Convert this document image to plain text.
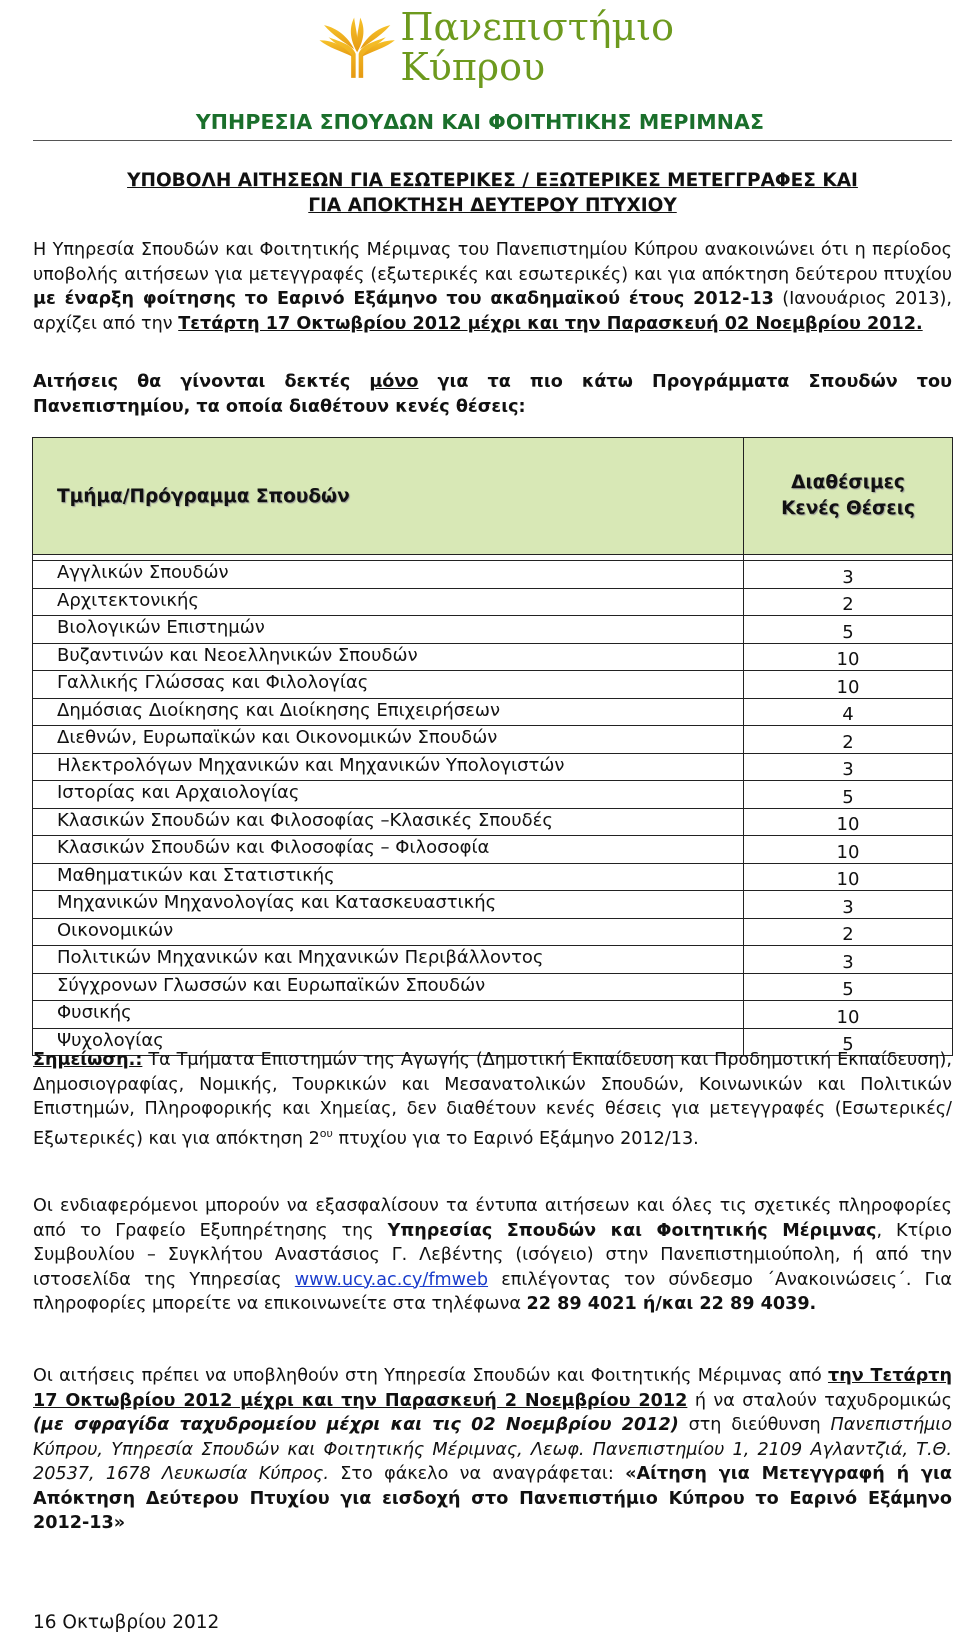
Πανεπιστήμιο
Κύπρου
ΥΠΗΡΕΣΙΑ ΣΠΟΥΔΩΝ ΚΑΙ ΦΟΙΤΗΤΙΚΗΣ ΜΕΡΙΜΝΑΣ
ΥΠΟΒΟΛΗ ΑΙΤΗΣΕΩΝ ΓΙΑ ΕΣΩΤΕΡΙΚΕΣ / ΕΞΩΤΕΡΙΚΕΣ ΜΕΤΕΓΓΡΑΦΕΣ ΚΑΙ
ΓΙΑ ΑΠΟΚΤΗΣΗ ΔΕΥΤΕΡΟΥ ΠΤΥΧΙΟΥ

Η Υπηρεσία Σπουδών και Φοιτητικής Μέριμνας του Πανεπιστημίου Κύπρου ανακοινώνει ότι η περίοδος υποβολής αιτήσεων για μετεγγραφές (εξωτερικές και εσωτερικές) και για απόκτηση δεύτερου πτυχίου με έναρξη φοίτησης το Εαρινό Εξάμηνο του ακαδημαϊκού έτους 2012-13 (Ιανουάριος 2013), αρχίζει από την Τετάρτη 17 Οκτωβρίου 2012 μέχρι και την Παρασκευή 02 Νοεμβρίου 2012.

Αιτήσεις θα γίνονται δεκτές μόνο για τα πιο κάτω Προγράμματα Σπουδών του Πανεπιστημίου, τα οποία διαθέτουν κενές θέσεις:

Τμήμα/Πρόγραμμα Σπουδών	Διαθέσιμες
Κενές Θέσεις

Αγγλικών Σπουδών	3
Αρχιτεκτονικής	2
Βιολογικών Επιστημών	5
Βυζαντινών και Νεοελληνικών Σπουδών	10
Γαλλικής Γλώσσας και Φιλολογίας	10
Δημόσιας Διοίκησης και Διοίκησης Επιχειρήσεων	4
Διεθνών, Ευρωπαϊκών και Οικονομικών Σπουδών	2
Ηλεκτρολόγων Μηχανικών και Μηχανικών Υπολογιστών	3
Ιστορίας και Αρχαιολογίας	5
Κλασικών Σπουδών και Φιλοσοφίας –Κλασικές Σπουδές	10
Κλασικών Σπουδών και Φιλοσοφίας – Φιλοσοφία	10
Μαθηματικών και Στατιστικής	10
Μηχανικών Μηχανολογίας και Κατασκευαστικής	3
Οικονομικών	2
Πολιτικών Μηχανικών και Μηχανικών Περιβάλλοντος	3
Σύγχρονων Γλωσσών και Ευρωπαϊκών Σπουδών	5
Φυσικής	10
Ψυχολογίας	5

Σημείωση.: Τα Τμήματα Επιστημών της Αγωγής (Δημοτική Εκπαίδευση και Προδημοτική Εκπαίδευση), Δημοσιογραφίας, Νομικής, Τουρκικών και Μεσανατολικών Σπουδών, Κοινωνικών και Πολιτικών Επιστημών, Πληροφορικής και Χημείας, δεν διαθέτουν κενές θέσεις για μετεγγραφές (Εσωτερικές/Εξωτερικές) και για απόκτηση $2^{o\upsilon}$ πτυχίου για το Εαρινό Εξάμηνο 2012/13.

Οι ενδιαφερόμενοι μπορούν να εξασφαλίσουν τα έντυπα αιτήσεων και όλες τις σχετικές πληροφορίες από το Γραφείο Εξυπηρέτησης της Υπηρεσίας Σπουδών και Φοιτητικής Μέριμνας, Κτίριο Συμβουλίου – Συγκλήτου Αναστάσιος Γ. Λεβέντης (ισόγειο) στην Πανεπιστημιούπολη, ή από την ιστοσελίδα της Υπηρεσίας www.ucy.ac.cy/fmweb επιλέγοντας τον σύνδεσμο ΄Ανακοινώσεις΄. Για πληροφορίες μπορείτε να επικοινωνείτε στα τηλέφωνα 22 89 4021 ή/και 22 89 4039.

Οι αιτήσεις πρέπει να υποβληθούν στη Υπηρεσία Σπουδών και Φοιτητικής Μέριμνας από την Τετάρτη 17 Οκτωβρίου 2012 μέχρι και την Παρασκευή 2 Νοεμβρίου 2012 ή να σταλούν ταχυδρομικώς (με σφραγίδα ταχυδρομείου μέχρι και τις 02 Νοεμβρίου 2012) στη διεύθυνση Πανεπιστήμιο Κύπρου, Υπηρεσία Σπουδών και Φοιτητικής Μέριμνας, Λεωφ. Πανεπιστημίου 1, 2109 Αγλαντζιά, Τ.Θ. 20537, 1678 Λευκωσία Κύπρος. Στο φάκελο να αναγράφεται: «Αίτηση για Μετεγγραφή ή για Απόκτηση Δεύτερου Πτυχίου για εισδοχή στο Πανεπιστήμιο Κύπρου το Εαρινό Εξάμηνο 2012-13»

16 Οκτωβρίου 2012
